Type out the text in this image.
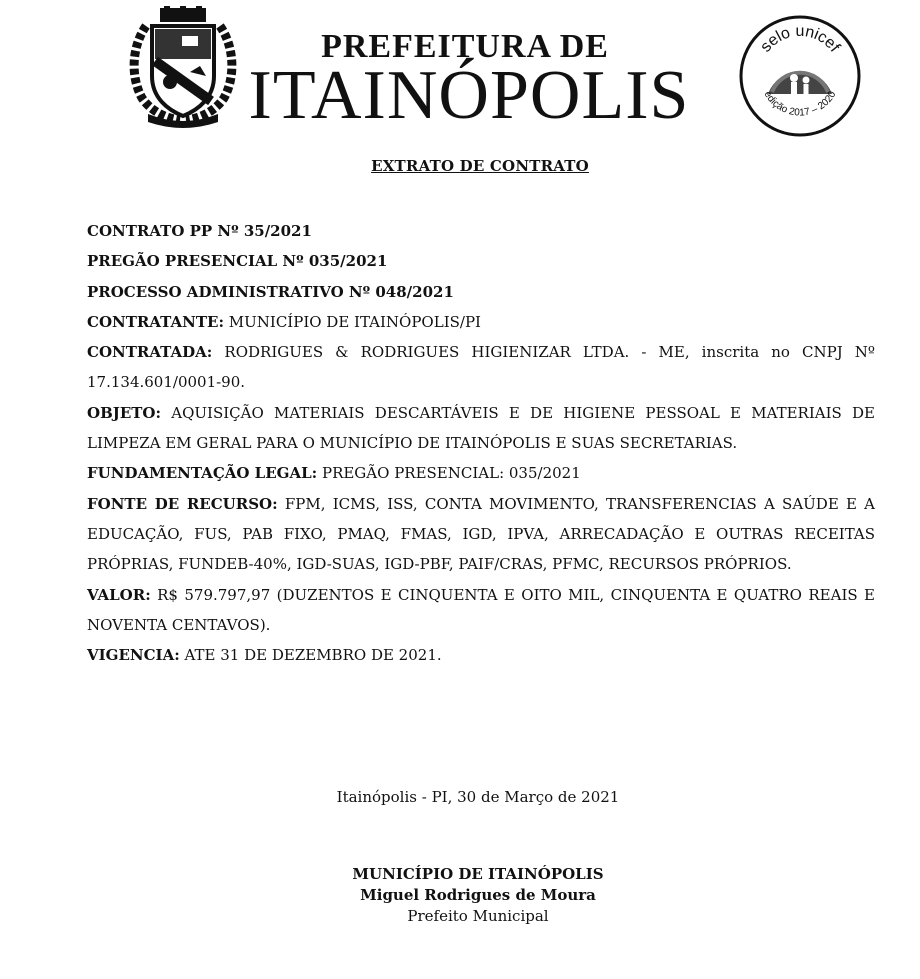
PREFEITURA DE
ITAINÓPOLIS
selo unicef
edição 2017 – 2020
EXTRATO DE CONTRATO

CONTRATO PP Nº 35/2021

PREGÃO PRESENCIAL Nº 035/2021

PROCESSO ADMINISTRATIVO Nº 048/2021

CONTRATANTE: MUNICÍPIO DE ITAINÓPOLIS/PI

CONTRATADA: RODRIGUES & RODRIGUES HIGIENIZAR LTDA. - ME, inscrita no CNPJ Nº 17.134.601/0001-90.

OBJETO: AQUISIÇÃO MATERIAIS DESCARTÁVEIS E DE HIGIENE PESSOAL E MATERIAIS DE LIMPEZA EM GERAL PARA O MUNICÍPIO DE ITAINÓPOLIS E SUAS SECRETARIAS.

FUNDAMENTAÇÃO LEGAL: PREGÃO PRESENCIAL: 035/2021

FONTE DE RECURSO: FPM, ICMS, ISS, CONTA MOVIMENTO, TRANSFERENCIAS A SAÚDE E A EDUCAÇÃO, FUS, PAB FIXO, PMAQ, FMAS, IGD, IPVA, ARRECADAÇÃO E OUTRAS RECEITAS PRÓPRIAS, FUNDEB-40%, IGD-SUAS, IGD-PBF, PAIF/CRAS, PFMC, RECURSOS PRÓPRIOS.

VALOR: R$ 579.797,97 (DUZENTOS E CINQUENTA E OITO MIL, CINQUENTA E QUATRO REAIS E NOVENTA CENTAVOS).

VIGENCIA: ATE 31 DE DEZEMBRO DE 2021.

Itainópolis - PI, 30 de Março de 2021
MUNICÍPIO DE ITAINÓPOLIS
Miguel Rodrigues de Moura
Prefeito Municipal
